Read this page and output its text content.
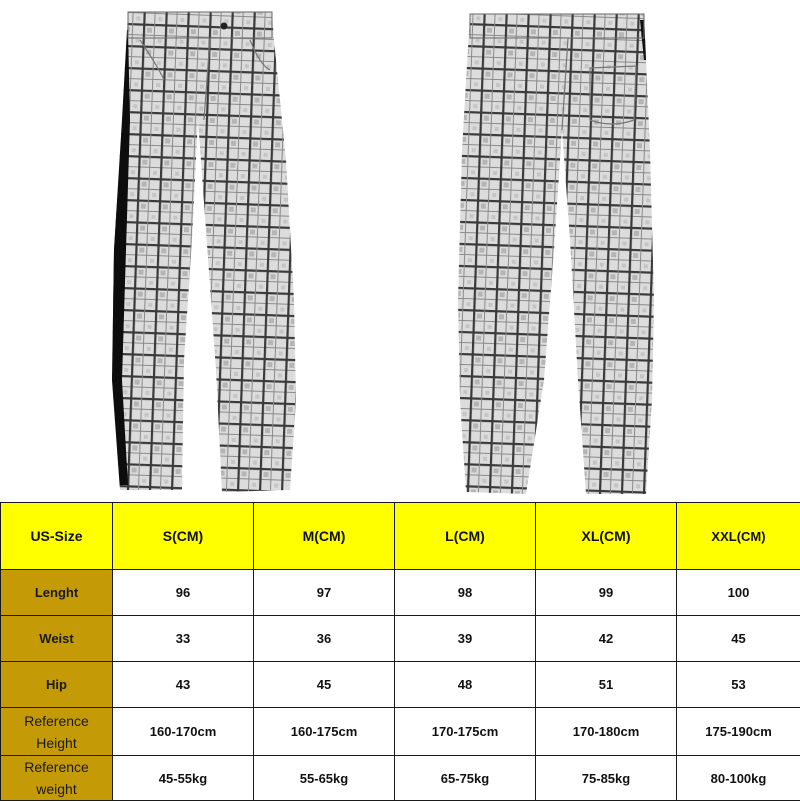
US-Size	S(CM)	M(CM)	L(CM)	XL(CM)	XXL(CM)
Lenght	96	97	98	99	100
Weist	33	36	39	42	45
Hip	43	45	48	51	53

Reference
Height	160-170cm	160-175cm	170-175cm	170-180cm	175-190cm

Reference
weight	45-55kg	55-65kg	65-75kg	75-85kg	80-100kg
